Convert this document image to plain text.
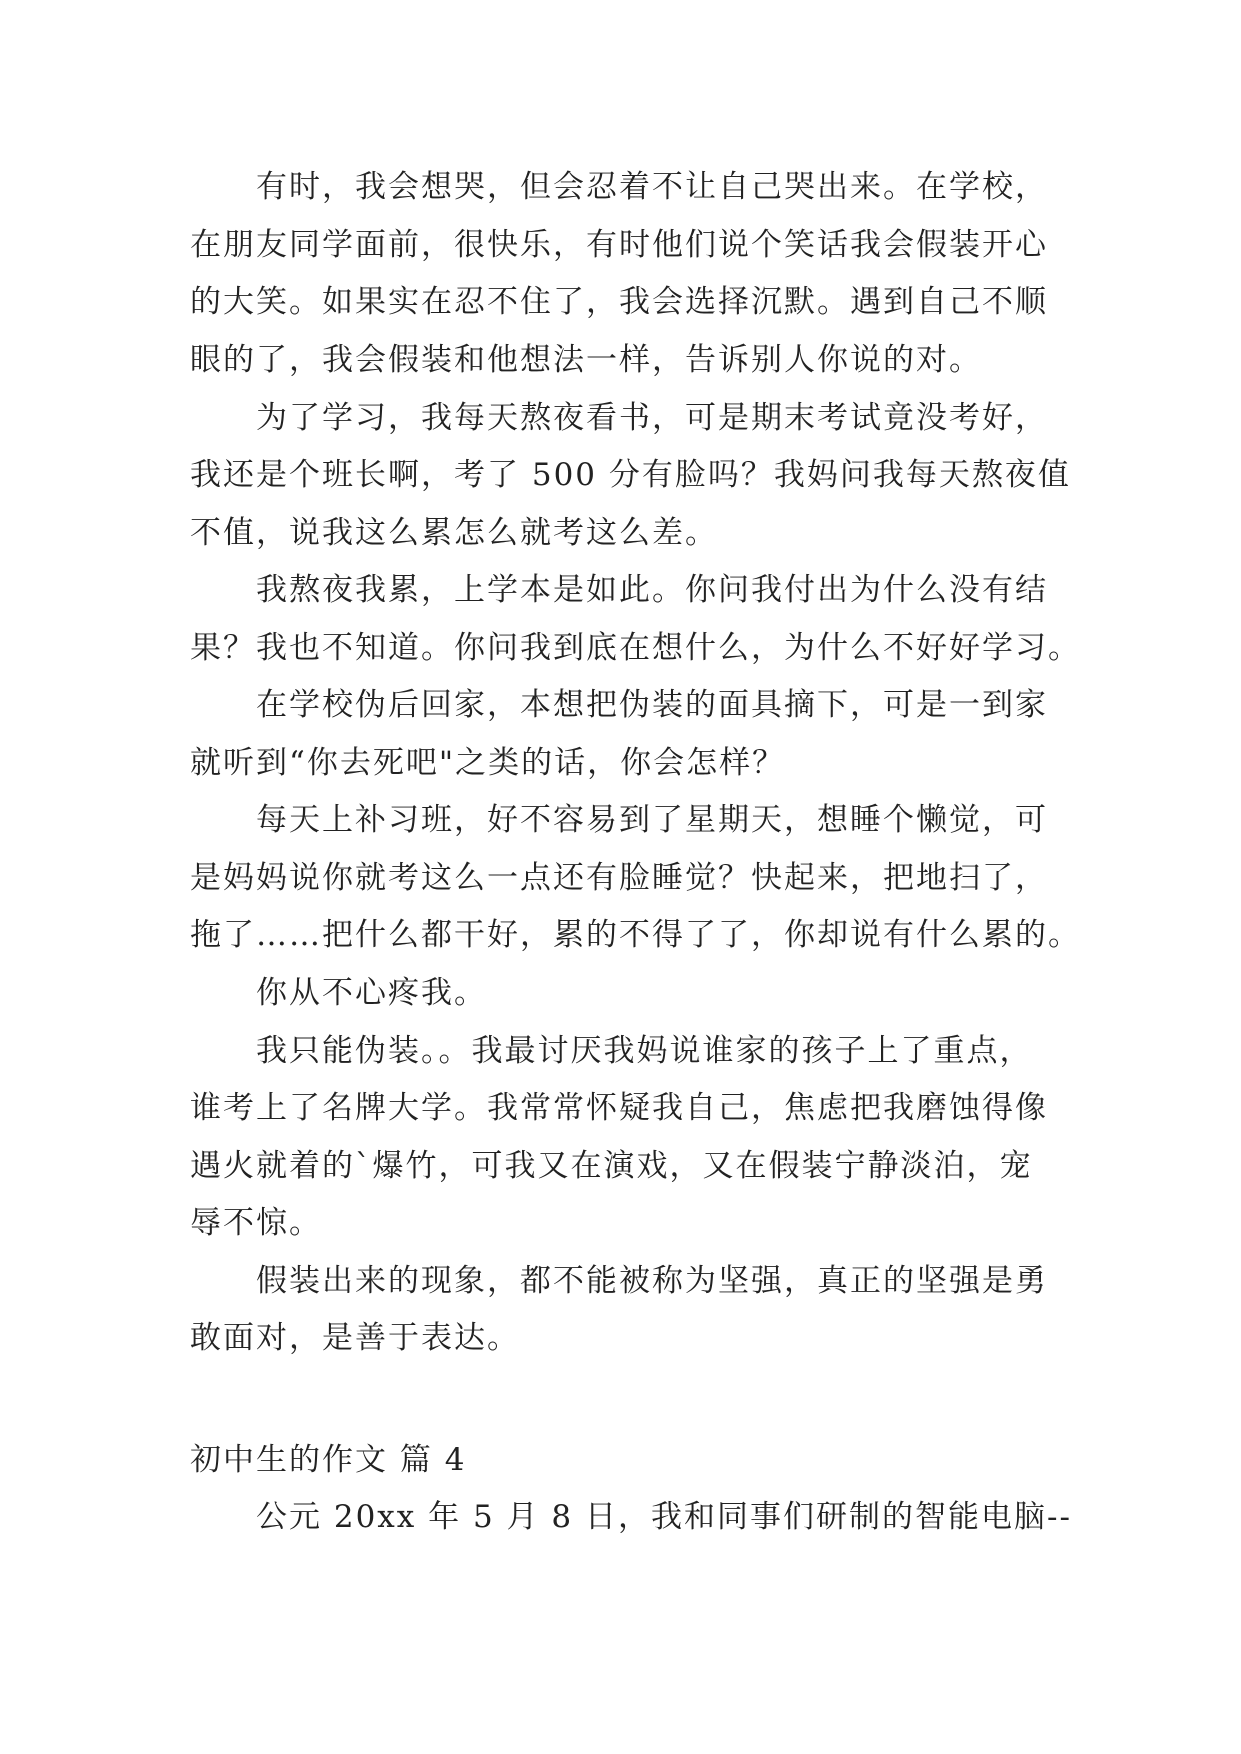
有时，我会想哭，但会忍着不让自己哭出来。在学校，
在朋友同学面前，很快乐，有时他们说个笑话我会假装开心
的大笑。如果实在忍不住了，我会选择沉默。遇到自己不顺
眼的了，我会假装和他想法一样，告诉别人你说的对。
为了学习，我每天熬夜看书，可是期末考试竟没考好，
我还是个班长啊，考了 500 分有脸吗？我妈问我每天熬夜值
不值，说我这么累怎么就考这么差。
我熬夜我累，上学本是如此。你问我付出为什么没有结
果？我也不知道。你问我到底在想什么，为什么不好好学习。
在学校伪后回家，本想把伪装的面具摘下，可是一到家
就听到“你去死吧"之类的话，你会怎样？
每天上补习班，好不容易到了星期天，想睡个懒觉，可
是妈妈说你就考这么一点还有脸睡觉？快起来，把地扫了，
拖了……把什么都干好，累的不得了了，你却说有什么累的。
你从不心疼我。
我只能伪装。。我最讨厌我妈说谁家的孩子上了重点，
谁考上了名牌大学。我常常怀疑我自己，焦虑把我磨蚀得像
遇火就着的`爆竹，可我又在演戏，又在假装宁静淡泊，宠
辱不惊。
假装出来的现象，都不能被称为坚强，真正的坚强是勇
敢面对，是善于表达。
初中生的作文 篇 4
公元 20xx 年 5 月 8 日，我和同事们研制的智能电脑--
